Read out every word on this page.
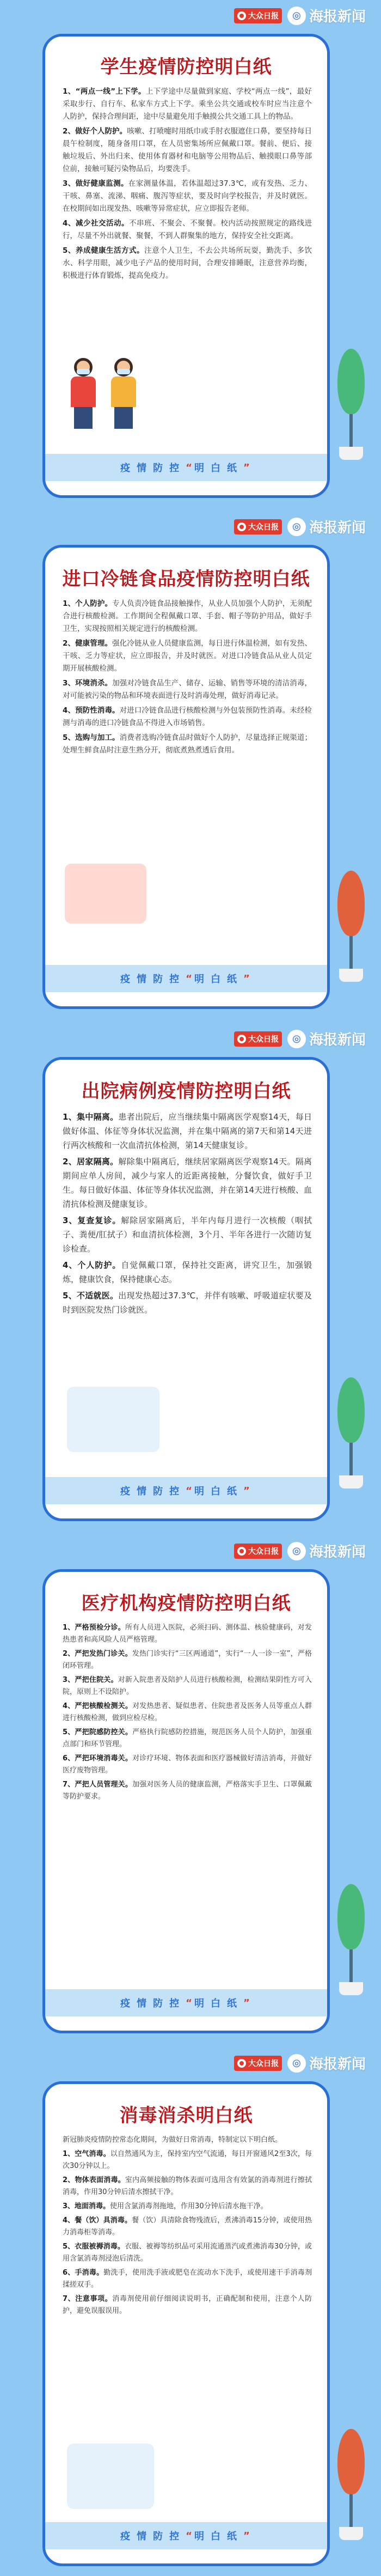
大众日报	◎ 海报新闻
学生疫情防控明白纸

1、“两点一线”上下学。上下学途中尽量做到家庭、学校“两点一线”，最好采取步行、自行车、私家车方式上下学。乘坐公共交通或校车时应当注意个人防护，保持合理间距，途中尽量避免用手触摸公共交通工具上的物品。

2、做好个人防护。咳嗽、打喷嚏时用纸巾或手肘衣服遮住口鼻，要坚持每日晨午检制度，随身备用口罩，在人员密集场所应佩戴口罩。餐前、便后、接触垃圾后、外出归来、使用体育器材和电脑等公用物品后、触摸眼口鼻等部位前，接触可疑污染物品后，均要洗手。

3、做好健康监测。在家测量体温，若体温超过37.3℃，或有发热、乏力、干咳、鼻塞、流涕、咽痛、腹泻等症状，要及时向学校报告，并及时就医。在校期间如出现发热、咳嗽等异常症状，应立即报告老师。

4、减少社交活动。不串班、不聚会、不聚餐。校内活动按照规定的路线进行，尽量不外出就餐、聚餐，不到人群聚集的地方，保持安全社交距离。

5、养成健康生活方式。注意个人卫生，不去公共场所玩耍，勤洗手、多饮水、科学用眼，减少电子产品的使用时间，合理安排睡眠，注意营养均衡，积极进行体育锻炼，提高免疫力。

疫情防控 “ 明白纸 ”
大众日报	◎ 海报新闻
进口冷链食品疫情防控明白纸

1、个人防护。专人负责冷链食品接触操作，从业人员加强个人防护，无须配合进行核酸检测。工作期间全程佩戴口罩、手套、帽子等防护用品，做好手卫生，实现按照相关规定进行的核酸检测。

2、健康管理。强化冷链从业人员健康监测，每日进行体温检测，如有发热、干咳、乏力等症状，应立即报告，并及时就医。对进口冷链食品从业人员定期开展核酸检测。

3、环境消杀。加强对冷链食品生产、储存、运输、销售等环境的清洁消毒，对可能被污染的物品和环境表面进行及时消毒处理，做好消毒记录。

4、预防性消毒。对进口冷链食品进行核酸检测与外包装预防性消毒。未经检测与消毒的进口冷链食品不得进入市场销售。

5、选购与加工。消费者选购冷链食品时做好个人防护，尽量选择正规渠道；处理生鲜食品时注意生熟分开，彻底煮熟煮透后食用。

疫情防控 “ 明白纸 ”
大众日报	◎ 海报新闻
出院病例疫情防控明白纸

1、集中隔离。患者出院后，应当继续集中隔离医学观察14天，每日做好体温、体征等身体状况监测，并在集中隔离的第7天和第14天进行两次核酸和一次血清抗体检测，第14天健康复诊。

2、居家隔离。解除集中隔离后，继续居家隔离医学观察14天。隔离期间应单人房间，减少与家人的近距离接触，分餐饮食，做好手卫生。每日做好体温、体征等身体状况监测，并在第14天进行核酸、血清抗体检测及健康复诊。

3、复查复诊。解除居家隔离后，半年内每月进行一次核酸（咽拭子、粪便/肛拭子）和血清抗体检测，3个月、半年各进行一次随访复诊检查。

4、个人防护。自觉佩戴口罩，保持社交距离，讲究卫生，加强锻炼，健康饮食，保持健康心态。

5、不适就医。出现发热超过37.3℃，并伴有咳嗽、呼吸道症状要及时到医院发热门诊就医。

疫情防控 “ 明白纸 ”
大众日报	◎ 海报新闻
医疗机构疫情防控明白纸

1、严格预检分诊。所有人员进入医院，必须扫码、测体温、核验健康码，对发热患者和高风险人员严格管理。

2、严把发热门诊关。发热门诊实行“三区两通道”，实行“一人一诊一室”，严格闭环管理。

3、严把住院关。对新入院患者及陪护人员进行核酸检测，检测结果阴性方可入院，原则上不设陪护。

4、严把核酸检测关。对发热患者、疑似患者、住院患者及医务人员等重点人群进行核酸检测，做到应检尽检。

5、严把院感防控关。严格执行院感防控措施，规范医务人员个人防护，加强重点部门和环节管理。

6、严把环境消毒关。对诊疗环境、物体表面和医疗器械做好清洁消毒，并做好医疗废物管理。

7、严把人员管理关。加强对医务人员的健康监测，严格落实手卫生、口罩佩戴等防护要求。

疫情防控 “ 明白纸 ”
大众日报	◎ 海报新闻
消毒消杀明白纸

新冠肺炎疫情防控常态化期间，为做好日常消毒，特制定以下明白纸。

1、空气消毒。以自然通风为主，保持室内空气流通，每日开窗通风2至3次，每次30分钟以上。

2、物体表面消毒。室内高频接触的物体表面可选用含有效氯的消毒剂进行擦拭消毒，作用30分钟后清水擦拭干净。

3、地面消毒。使用含氯消毒剂拖地，作用30分钟后清水拖干净。

4、餐（饮）具消毒。餐（饮）具清除食物残渣后，煮沸消毒15分钟，或使用热力消毒柜等消毒。

5、衣服被褥消毒。衣服、被褥等纺织品可采用流通蒸汽或煮沸消毒30分钟，或用含氯消毒剂浸泡后清洗。

6、手消毒。勤洗手，使用洗手液或肥皂在流动水下洗手，或使用速干手消毒剂揉搓双手。

7、注意事项。消毒剂使用前仔细阅读说明书，正确配制和使用，注意个人防护，避免误服误用。

疫情防控 “ 明白纸 ”
